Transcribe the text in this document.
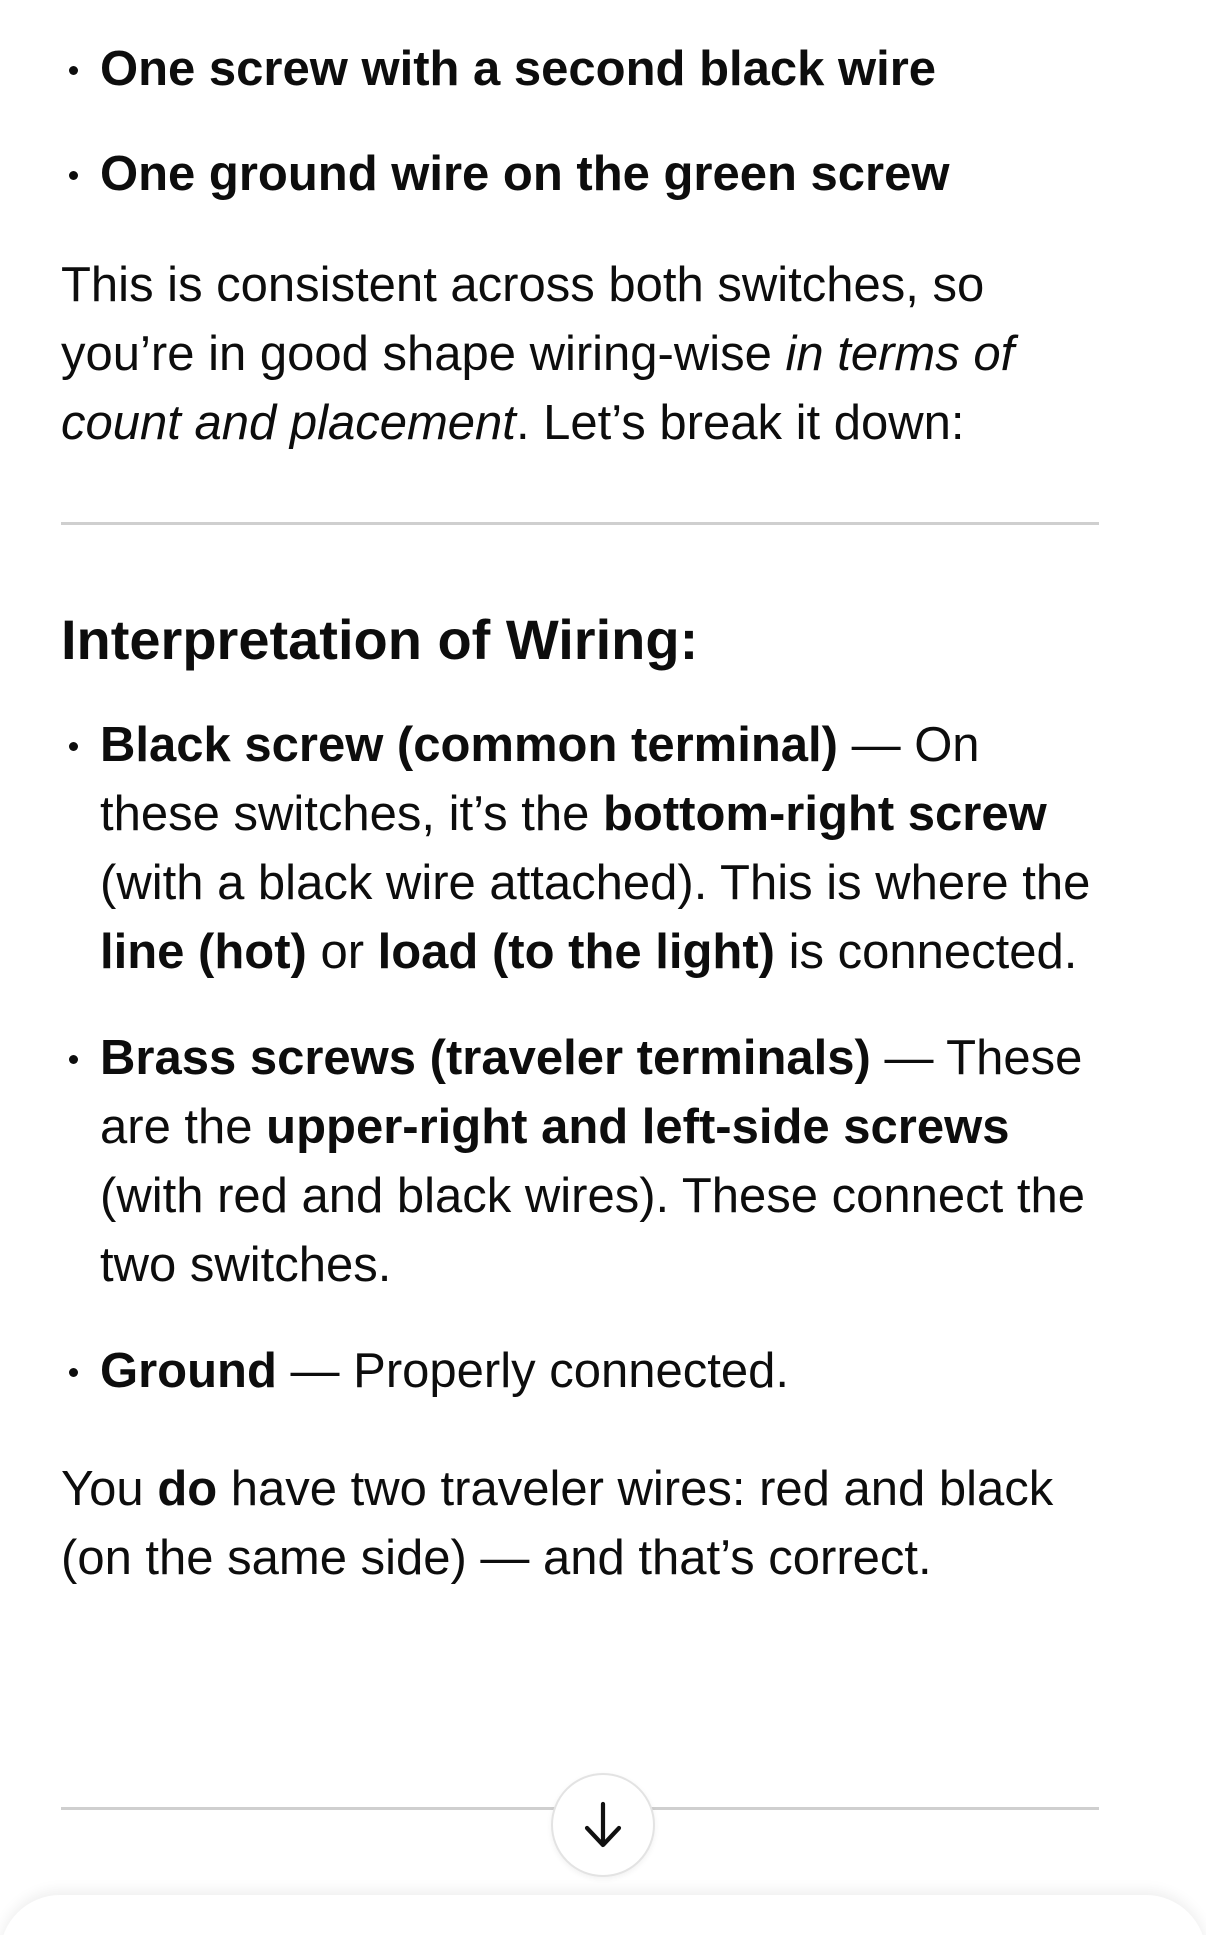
One screw with a second black wire
One ground wire on the green screw

This is consistent across both switches, so you’re in good shape wiring-wise in terms of count and placement. Let’s break it down:

Interpretation of Wiring:
Black screw (common terminal) — On these switches, it’s the bottom-right screw (with a black wire attached). This is where the line (hot) or load (to the light) is connected.
Brass screws (traveler terminals) — These are the upper-right and left-side screws (with red and black wires). These connect the two switches.
Ground — Properly connected.

You do have two traveler wires: red and black (on the same side) — and that’s correct.
